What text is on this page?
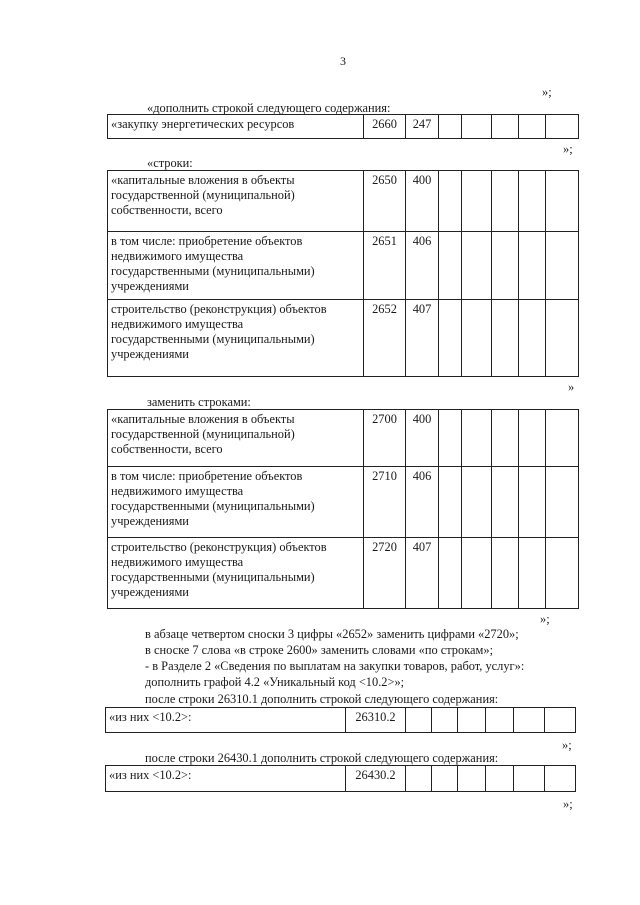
3
»;
«дополнить строкой следующего содержания:
«закупку энергетических ресурсов	2660	247					
»;
«строки:
«капитальные вложения в объекты
государственной (муниципальной)
собственности, всего	2650	400					

в том числе: приобретение объектов
недвижимого имущества
государственными (муниципальными)
учреждениями	2651	406					

строительство (реконструкция) объектов
недвижимого имущества
государственными (муниципальными)
учреждениями	2652	407					
»
заменить строками:
«капитальные вложения в объекты
государственной (муниципальной)
собственности, всего	2700	400					

в том числе: приобретение объектов
недвижимого имущества
государственными (муниципальными)
учреждениями	2710	406					

строительство (реконструкция) объектов
недвижимого имущества
государственными (муниципальными)
учреждениями	2720	407					
»;
в абзаце четвертом сноски 3 цифры «2652» заменить цифрами «2720»;
в сноске 7 слова «в строке 2600» заменить словами «по строкам»;
- в Разделе 2 «Сведения по выплатам на закупки товаров, работ, услуг»:
дополнить графой 4.2 «Уникальный код <10.2>»;
после строки 26310.1 дополнить строкой следующего содержания:
«из них <10.2>:	26310.2						
»;
после строки 26430.1 дополнить строкой следующего содержания:
«из них <10.2>:	26430.2						
»;
